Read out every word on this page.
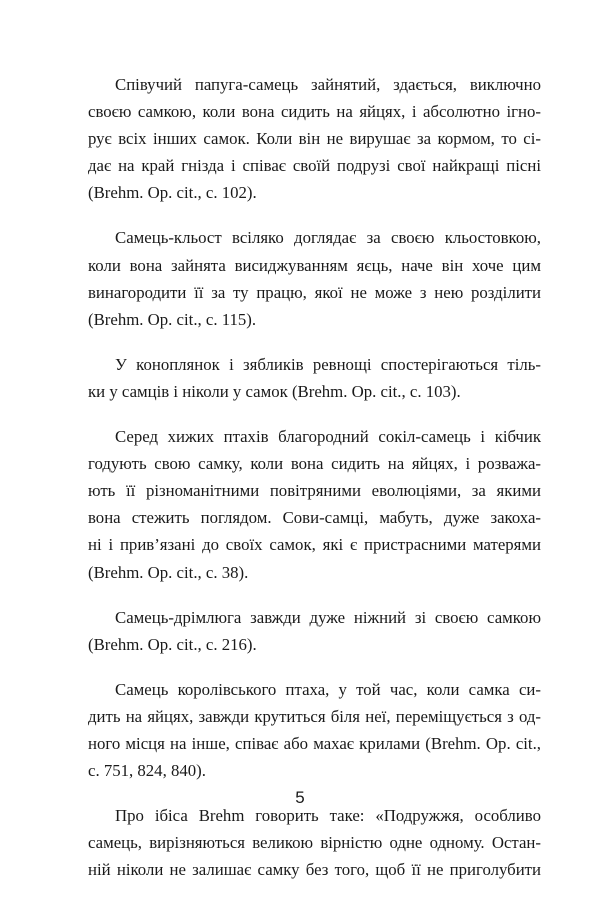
Співучий папуга-самець зайнятий, здається, виключно
своєю самкою, коли вона сидить на яйцях, і абсолютно ігно-
рує всіх інших самок. Коли він не вирушає за кормом, то сі-
дає на край гнізда і співає своїй подрузі свої найкращі пісні
(Brehm. Op. cit., с. 102).
Самець-кльост всіляко доглядає за своєю кльостовкою,
коли вона зайнята висиджуванням яєць, наче він хоче цим
винагородити її за ту працю, якої не може з нею розділити
(Brehm. Op. cit., с. 115).
У коноплянок і зябликів ревнощі спостерігаються тіль-
ки у самців і ніколи у самок (Brehm. Op. cit., с. 103).
Серед хижих птахів благородний сокіл-самець і кібчик
годують свою самку, коли вона сидить на яйцях, і розважа-
ють її різноманітними повітряними еволюціями, за якими
вона стежить поглядом. Сови-самці, мабуть, дуже закоха-
ні і прив’язані до своїх самок, які є пристрасними матерями
(Brehm. Op. cit., с. 38).
Самець-дрімлюга завжди дуже ніжний зі своєю самкою
(Brehm. Op. cit., с. 216).
Самець королівського птаха, у той час, коли самка си-
дить на яйцях, завжди крутиться біля неї, переміщується з од-
ного місця на інше, співає або махає крилами (Brehm. Op. cit.,
с. 751, 824, 840).
Про ібіса Brehm говорить таке: «Подружжя, особливо
самець, вирізняються великою вірністю одне одному. Остан-
ній ніколи не залишає самку без того, щоб її не приголубити
5
